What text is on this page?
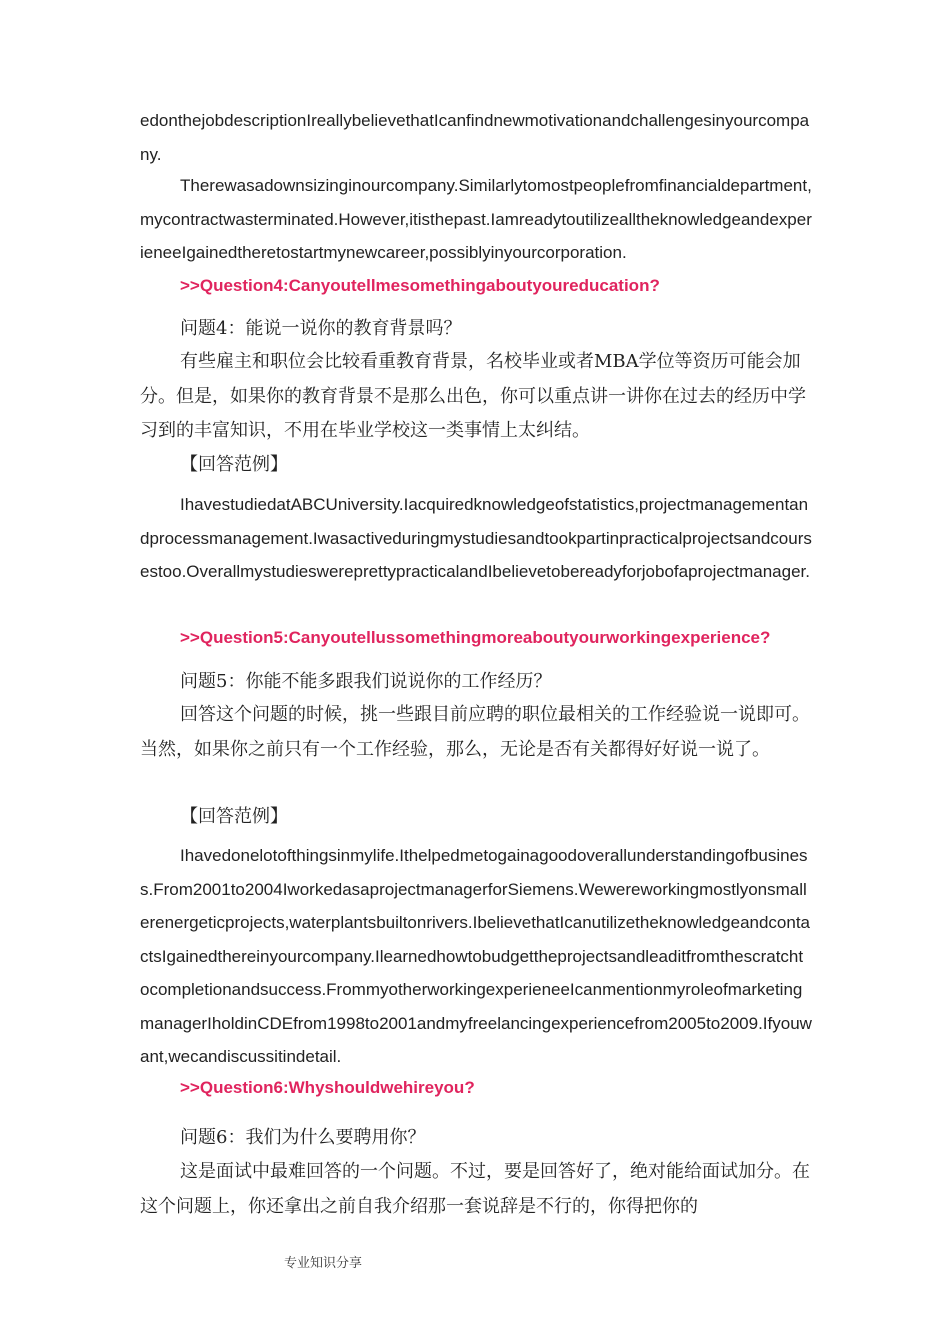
edonthejobdescriptionIreallybelievethatIcanfindnewmotivationandchallengesinyourcompany.
Therewasadownsizinginourcompany.Similarlytomostpeoplefromfinancialdepartment,mycontractwasterminated.However,itisthepast.IamreadytoutilizealltheknowledgeandexperieneeIgainedtheretostartmynewcareer,possiblyinyourcorporation.
>>Question4:Canyoutellmesomethingaboutyoureducation?
问题4：能说一说你的教育背景吗？
有些雇主和职位会比较看重教育背景，名校毕业或者MBA学位等资历可能会加分。但是，如果你的教育背景不是那么出色，你可以重点讲一讲你在过去的经历中学习到的丰富知识，不用在毕业学校这一类事情上太纠结。
【回答范例】
IhavestudiedatABCUniversity.Iacquiredknowledgeofstatistics,projectmanagementandprocessmanagement.Iwasactiveduringmystudiesandtookpartinpracticalprojectsandcoursestoo.OverallmystudieswereprettypracticalandIbelievetobereadyforjobofaprojectmanager.
>>Question5:Canyoutellussomethingmoreaboutyourworkingexperience?
问题5：你能不能多跟我们说说你的工作经历？
回答这个问题的时候，挑一些跟目前应聘的职位最相关的工作经验说一说即可。当然，如果你之前只有一个工作经验，那么，无论是否有关都得好好说一说了。
【回答范例】
Ihavedonelotofthingsinmylife.Ithelpedmetogainagoodoverallunderstandingofbusiness.From2001to2004IworkedasaprojectmanagerforSiemens.Wewereworkingmostlyonsmallerenergeticprojects,waterplantsbuiltonrivers.IbelievethatIcanutilizetheknowledgeandcontactsIgainedthereinyourcompany.Ilearnedhowtobudgettheprojectsandleaditfromthescratchtocompletionandsuccess.FrommyotherworkingexperieneeIcanmentionmyroleofmarketingmanagerIholdinCDEfrom1998to2001andmyfreelancingexperiencefrom2005to2009.Ifyouwant,wecandiscussitindetail.
>>Question6:Whyshouldwehireyou?
问题6：我们为什么要聘用你？
这是面试中最难回答的一个问题。不过，要是回答好了，绝对能给面试加分。在这个问题上，你还拿出之前自我介绍那一套说辞是不行的，你得把你的
专业知识分享
